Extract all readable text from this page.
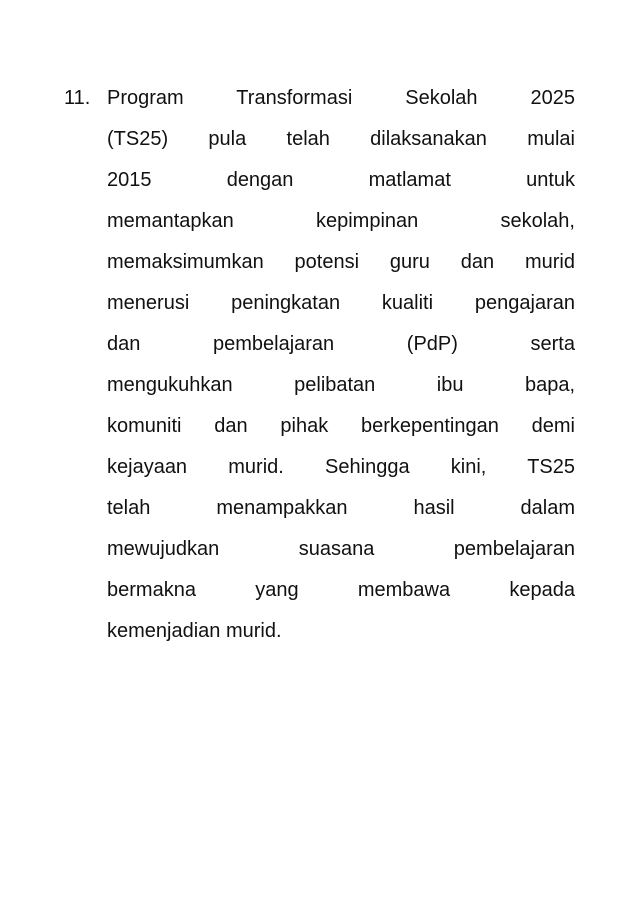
11. Program Transformasi Sekolah 2025
(TS25) pula telah dilaksanakan mulai
2015 dengan matlamat untuk
memantapkan kepimpinan sekolah,
memaksimumkan potensi guru dan murid
menerusi peningkatan kualiti pengajaran
dan pembelajaran (PdP) serta
mengukuhkan pelibatan ibu bapa,
komuniti dan pihak berkepentingan demi
kejayaan murid. Sehingga kini, TS25
telah menampakkan hasil dalam
mewujudkan suasana pembelajaran
bermakna yang membawa kepada
kemenjadian murid.
